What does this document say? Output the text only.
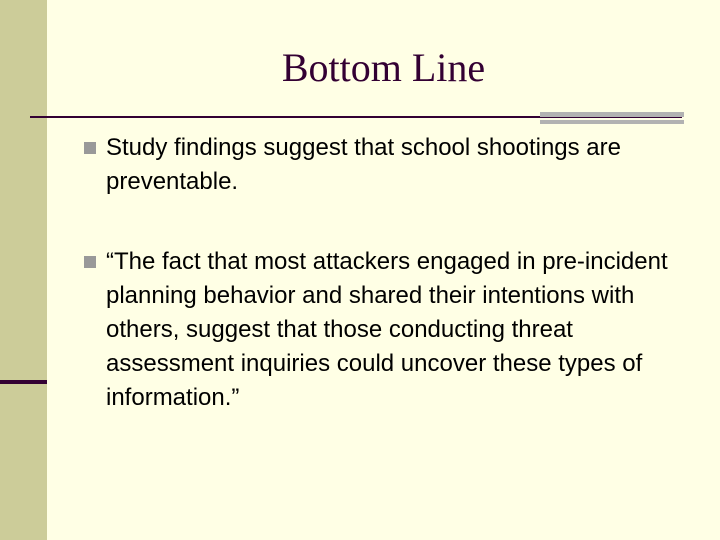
Bottom Line
Study findings suggest that school shootings are preventable.
“The fact that most attackers engaged in pre-incident planning behavior and shared their intentions with others, suggest that those conducting threat assessment inquiries could uncover these types of information.”
